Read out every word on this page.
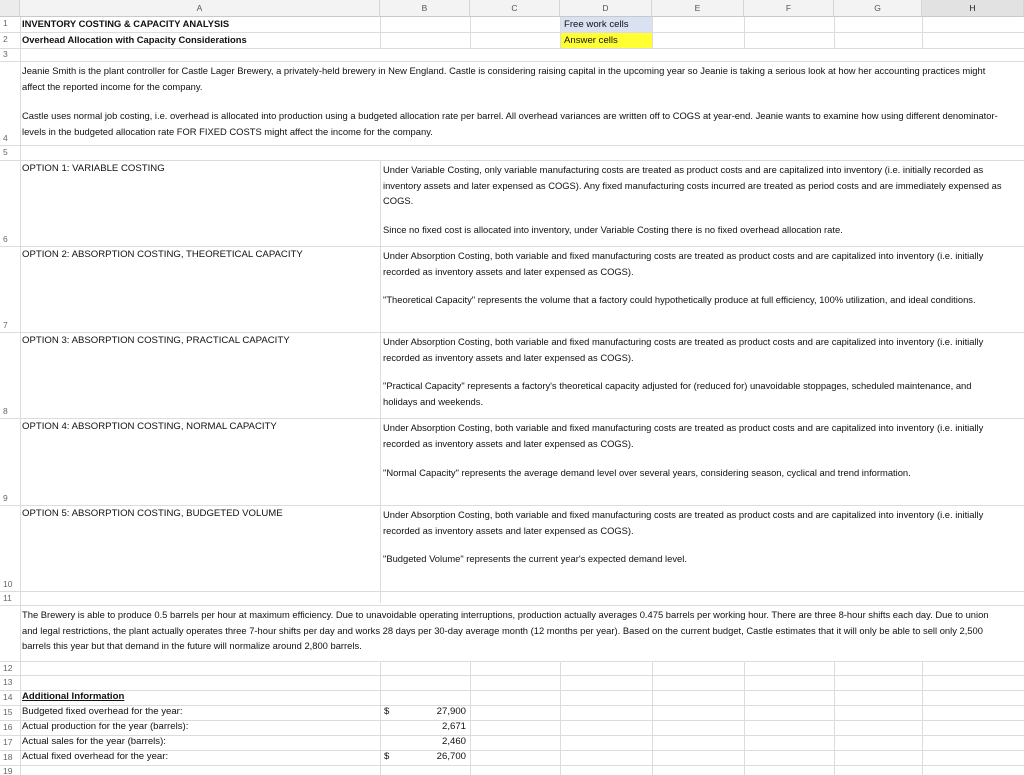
A	B	C	D	E	F	G	H
1
2
3
4
5
6
7
8
9
10
11
12
13
14
15
16
17
18
19
INVENTORY COSTING & CAPACITY ANALYSIS
Overhead Allocation with Capacity Considerations
Free work cells
Answer cells
Jeanie Smith is the plant controller for Castle Lager Brewery, a privately-held brewery in New England. Castle is considering raising capital in the upcoming year so Jeanie is taking a serious look at how her accounting practices might affect the reported income for the company.
Castle uses normal job costing, i.e. overhead is allocated into production using a budgeted allocation rate per barrel. All overhead variances are written off to COGS at year-end. Jeanie wants to examine how using different denominator-levels in the budgeted allocation rate FOR FIXED COSTS might affect the income for the company.
OPTION 1: VARIABLE COSTING	Under Variable Costing, only variable manufacturing costs are treated as product costs and are capitalized into inventory (i.e. initially recorded as inventory assets and later expensed as COGS). Any fixed manufacturing costs incurred are treated as period costs and are immediately expensed as COGS.
Since no fixed cost is allocated into inventory, under Variable Costing there is no fixed overhead allocation rate.
OPTION 2: ABSORPTION COSTING, THEORETICAL CAPACITY	Under Absorption Costing, both variable and fixed manufacturing costs are treated as product costs and are capitalized into inventory (i.e. initially recorded as inventory assets and later expensed as COGS).
"Theoretical Capacity" represents the volume that a factory could hypothetically produce at full efficiency, 100% utilization, and ideal conditions.
OPTION 3: ABSORPTION COSTING, PRACTICAL CAPACITY	Under Absorption Costing, both variable and fixed manufacturing costs are treated as product costs and are capitalized into inventory (i.e. initially recorded as inventory assets and later expensed as COGS).
"Practical Capacity" represents a factory's theoretical capacity adjusted for (reduced for) unavoidable stoppages, scheduled maintenance, and holidays and weekends.
OPTION 4: ABSORPTION COSTING, NORMAL CAPACITY	Under Absorption Costing, both variable and fixed manufacturing costs are treated as product costs and are capitalized into inventory (i.e. initially recorded as inventory assets and later expensed as COGS).
"Normal Capacity" represents the average demand level over several years, considering season, cyclical and trend information.
OPTION 5: ABSORPTION COSTING, BUDGETED VOLUME	Under Absorption Costing, both variable and fixed manufacturing costs are treated as product costs and are capitalized into inventory (i.e. initially recorded as inventory assets and later expensed as COGS).
"Budgeted Volume" represents the current year's expected demand level.
The Brewery is able to produce 0.5 barrels per hour at maximum efficiency. Due to unavoidable operating interruptions, production actually averages 0.475 barrels per working hour. There are three 8-hour shifts each day. Due to union and legal restrictions, the plant actually operates three 7-hour shifts per day and works 28 days per 30-day average month (12 months per year). Based on the current budget, Castle estimates that it will only be able to sell only 2,500 barrels this year but that demand in the future will normalize around 2,800 barrels.
Additional Information
Budgeted fixed overhead for the year:	$	27,900
Actual production for the year (barrels):	2,671
Actual sales for the year (barrels):	2,460
Actual fixed overhead for the year:	$	26,700
